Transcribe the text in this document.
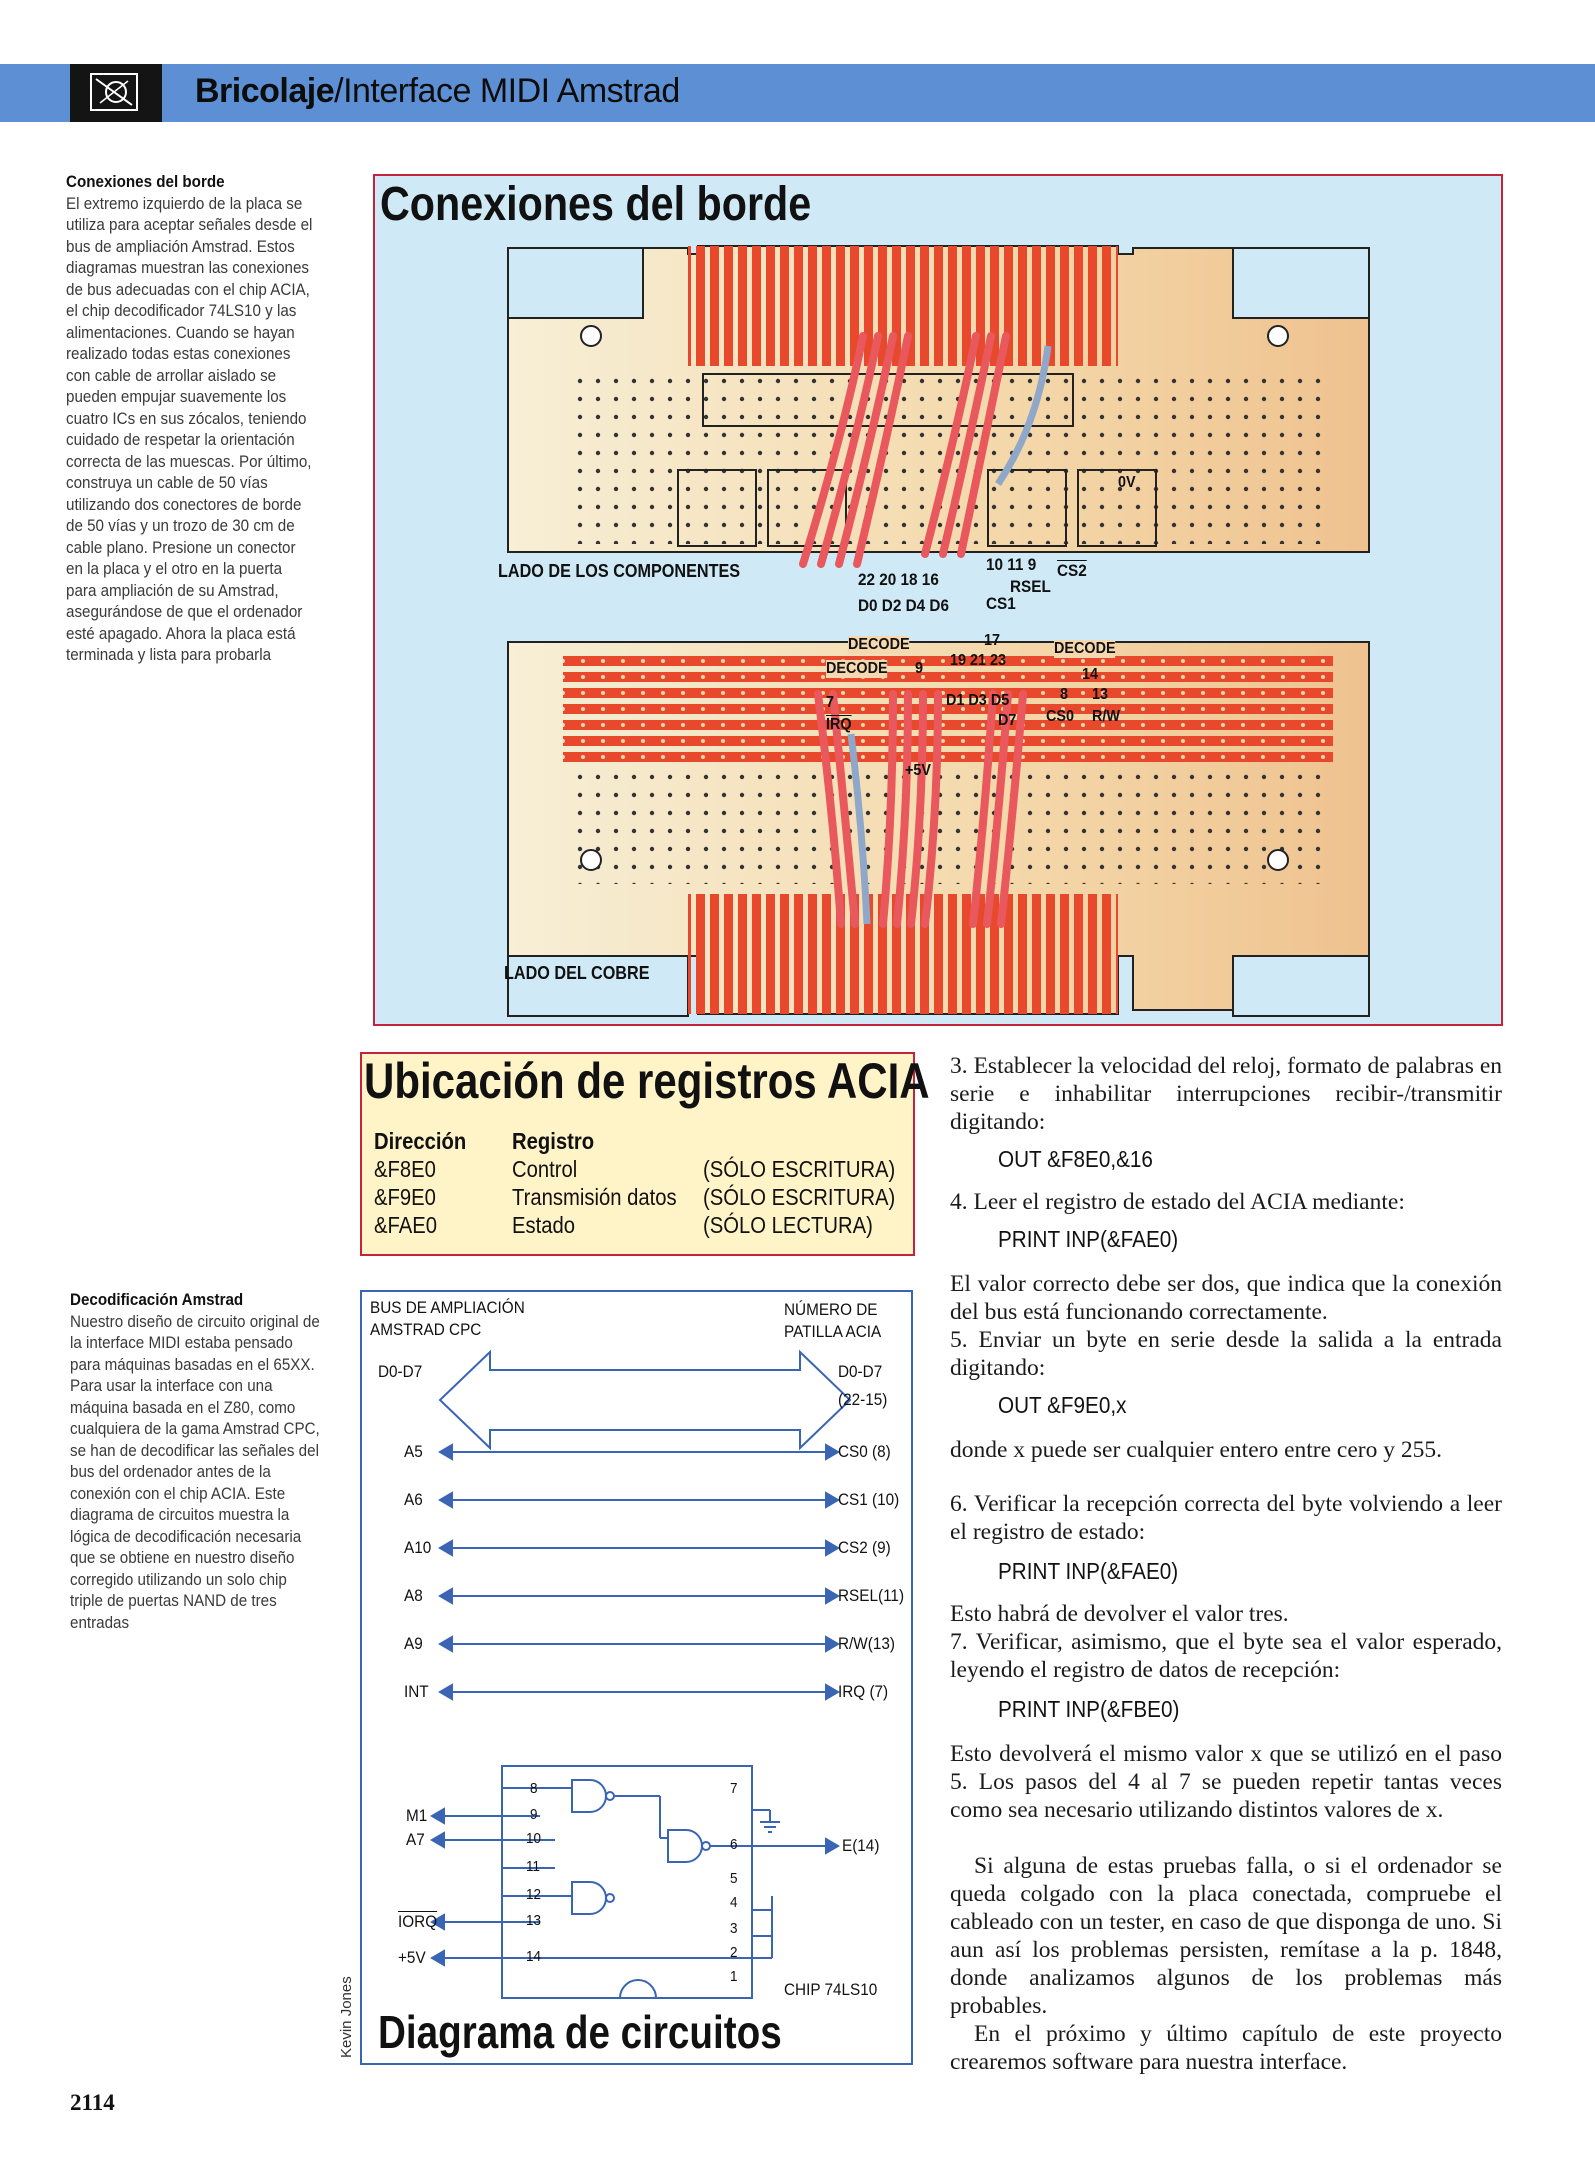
Bricolaje/Interface MIDI Amstrad
Conexiones del borde
El extremo izquierdo de la placa se utiliza para aceptar señales desde el bus de ampliación Amstrad. Estos diagramas muestran las conexiones de bus adecuadas con el chip ACIA, el chip decodificador 74LS10 y las alimentaciones. Cuando se hayan realizado todas estas conexiones con cable de arrollar aislado se pueden empujar suavemente los cuatro ICs en sus zócalos, teniendo cuidado de respetar la orientación correcta de las muescas. Por último, construya un cable de 50 vías utilizando dos conectores de borde de 50 vías y un trozo de 30 cm de cable plano. Presione un conector en la placa y el otro en la puerta para ampliación de su Amstrad, asegurándose de que el ordenador esté apagado. Ahora la placa está terminada y lista para probarla
Decodificación Amstrad
Nuestro diseño de circuito original de la interface MIDI estaba pensado para máquinas basadas en el 65XX. Para usar la interface con una máquina basada en el Z80, como cualquiera de la gama Amstrad CPC, se han de decodificar las señales del bus del ordenador antes de la conexión con el chip ACIA. Este diagrama de circuitos muestra la lógica de decodificación necesaria que se obtiene en nuestro diseño corregido utilizando un solo chip triple de puertas NAND de tres entradas
Conexiones del borde
LADO DE LOS COMPONENTES
LADO DEL COBRE
22 20 18 16
D0 D2 D4 D6
10 11 9 CS2
RSEL
CS1
0V
DECODE
DECODE
DECODE
9
7
$\overline{IRQ}$
+5V
17
19 21 23
D1 D3 D5
D7
8
CS0
13
R/W
14
Ubicación de registros ACIA
Dirección Registro
&F8E0	Control	(SÓLO ESCRITURA)
&F9E0	Transmisión datos (SÓLO ESCRITURA)
&FAE0	Estado	(SÓLO LECTURA)
BUS DE AMPLIACIÓN
AMSTRAD CPC
NÚMERO DE
PATILLA ACIA
D0-D7	D0-D7
(22-15)
A5	CS0 (8)
A6	CS1 (10)
A10	CS2 (9)
A8	RSEL(11)
A9	R/W(13)
INT	IRQ (7)
M1
A7
IORQ
+5V
E(14)
CHIP 74LS10
8
9
10
11
12
13
14
7
6
5
4
3
2
1
Diagrama de circuitos
Kevin Jones
3. Establecer la velocidad del reloj, formato de palabras en serie e inhabilitar interrupciones recibir-/transmitir digitando:
OUT &F8E0,&16
4. Leer el registro de estado del ACIA mediante:
PRINT INP(&FAE0)
El valor correcto debe ser dos, que indica que la conexión del bus está funcionando correctamente.
5. Enviar un byte en serie desde la salida a la entrada digitando:
OUT &F9E0,x
donde x puede ser cualquier entero entre cero y 255.
6. Verificar la recepción correcta del byte volviendo a leer el registro de estado:
PRINT INP(&FAE0)
Esto habrá de devolver el valor tres.
7. Verificar, asimismo, que el byte sea el valor esperado, leyendo el registro de datos de recepción:
PRINT INP(&FBE0)
Esto devolverá el mismo valor x que se utilizó en el paso 5. Los pasos del 4 al 7 se pueden repetir tantas veces como sea necesario utilizando distintos valores de x.
Si alguna de estas pruebas falla, o si el ordenador se queda colgado con la placa conectada, compruebe el cableado con un tester, en caso de que disponga de uno. Si aun así los problemas persisten, remítase a la p. 1848, donde analizamos algunos de los problemas más probables.
En el próximo y último capítulo de este proyecto crearemos software para nuestra interface.
2114
